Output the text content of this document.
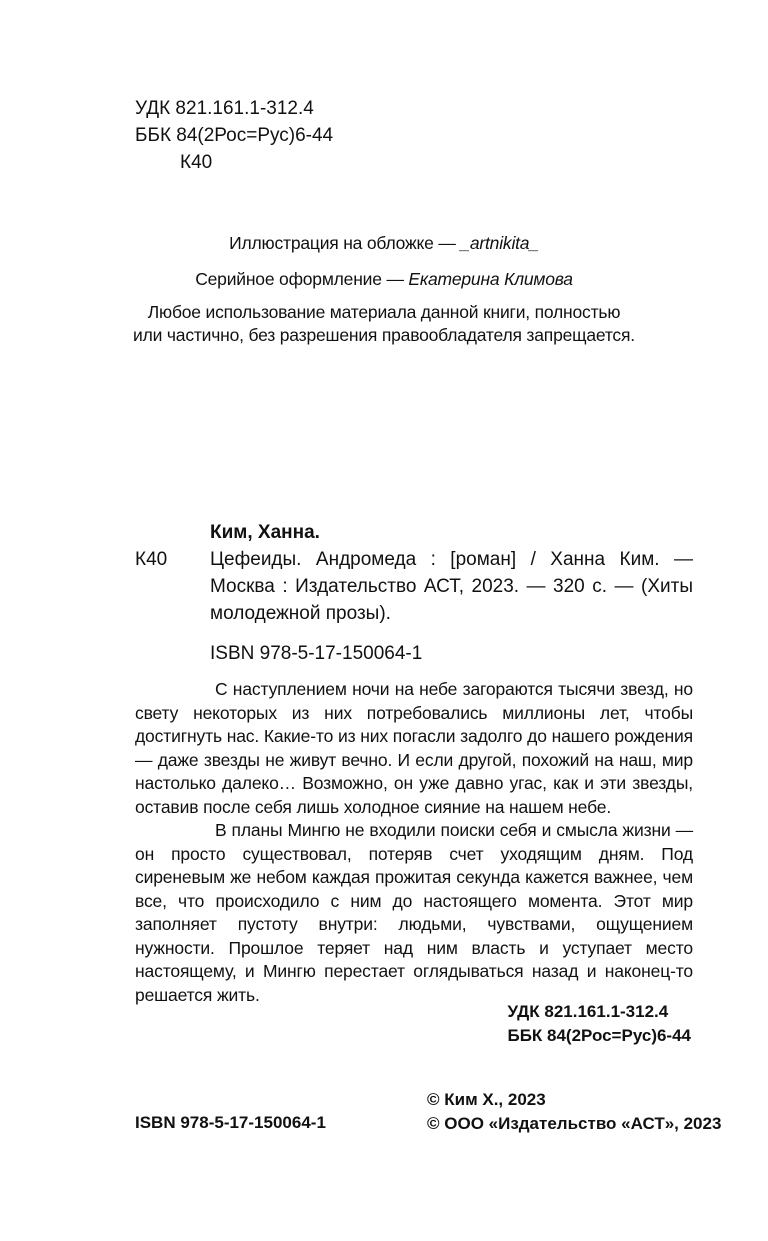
УДК 821.161.1-312.4
ББК 84(2Рос=Рус)6-44
К40
Иллюстрация на обложке — _artnikita_
Серийное оформление — Екатерина Климова
Любое использование материала данной книги, полностью
или частично, без разрешения правообладателя запрещается.
Ким, Ханна.
К40 Цефеиды. Андромеда : [роман] / Ханна Ким. — Москва : Издательство АСТ, 2023. — 320 с. — (Хиты молодежной прозы).
ISBN 978-5-17-150064-1

С наступлением ночи на небе загораются тысячи звезд, но свету некоторых из них потребовались миллионы лет, чтобы достигнуть нас. Какие-то из них погасли задолго до нашего рождения — даже звезды не живут вечно. И если другой, похожий на наш, мир настолько далеко… Возможно, он уже давно угас, как и эти звезды, оставив после себя лишь холодное сияние на нашем небе.

В планы Мингю не входили поиски себя и смысла жизни — он просто существовал, потеряв счет уходящим дням. Под сиреневым же небом каждая прожитая секунда кажется важнее, чем все, что происходило с ним до настоящего момента. Этот мир заполняет пустоту внутри: людьми, чувствами, ощущением нужности. Прошлое теряет над ним власть и уступает место настоящему, и Мингю перестает оглядываться назад и наконец-то решается жить.

УДК 821.161.1-312.4
ББК 84(2Рос=Рус)6-44
© Ким Х., 2023
© ООО «Издательство «АСТ», 2023
ISBN 978-5-17-150064-1
